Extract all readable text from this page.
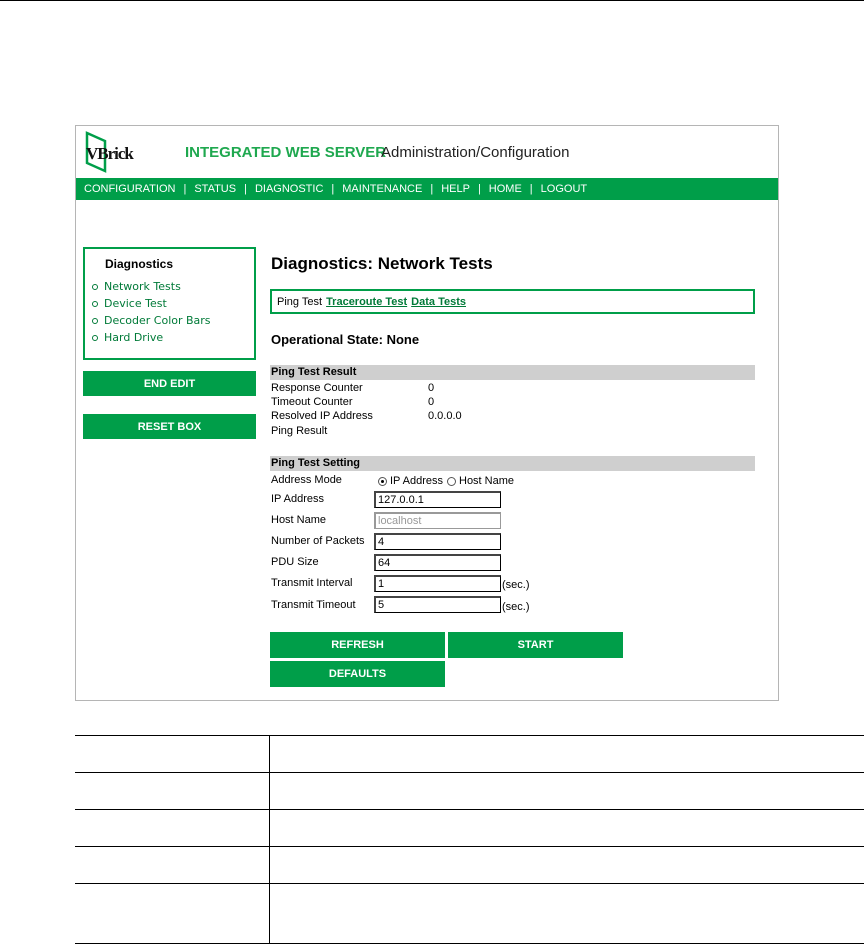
VBrick	INTEGRATED WEB SERVER
Administration/Configuration
CONFIGURATION | STATUS | DIAGNOSTIC | MAINTENANCE | HELP | HOME | LOGOUT
Diagnostics
Network Tests
Device Test
Decoder Color Bars
Hard Drive
END EDIT
RESET BOX
Diagnostics: Network Tests
Ping Test Traceroute Test Data Tests
Operational State: None
Ping Test Result
Response Counter	0
Timeout Counter	0
Resolved IP Address	0.0.0.0
Ping Result
Ping Test Setting
Address Mode	IP Address Host Name
IP Address	127.0.0.1
Host Name	localhost
Number of Packets	4
PDU Size	64
Transmit Interval	1	(sec.)
Transmit Timeout	5	(sec.)
REFRESH	START
DEFAULTS
